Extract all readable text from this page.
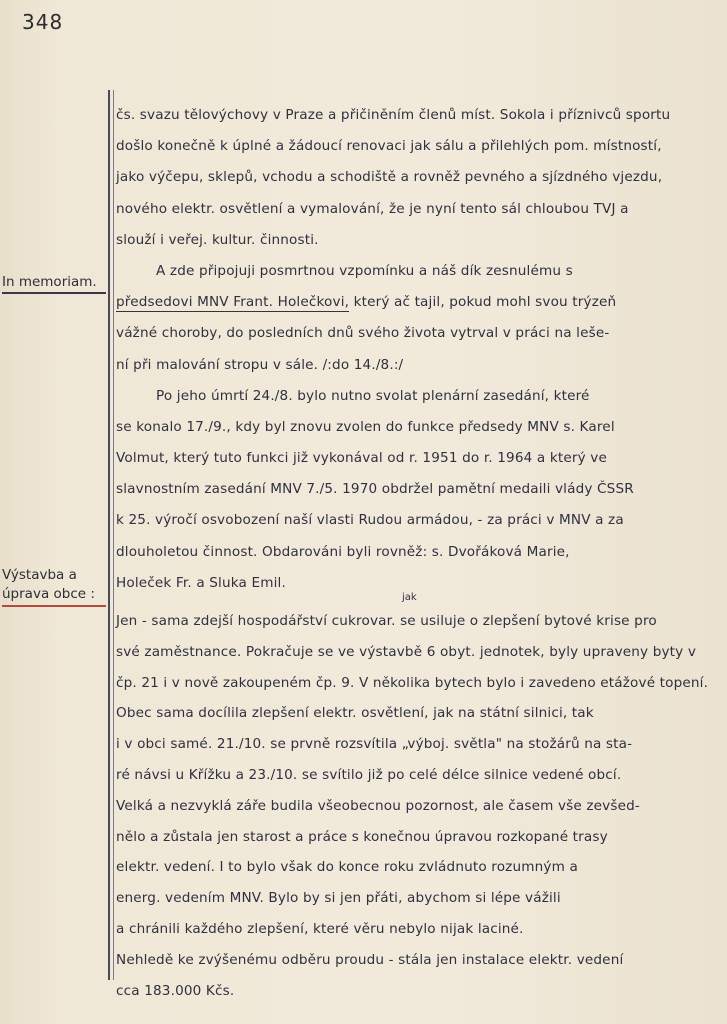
348
In memoriam.
Výstavba a
úprava obce :
čs. svazu tělovýchovy v Praze a přičiněním členů míst. Sokola i příznivců sportu
došlo konečně k úplné a žádoucí renovaci jak sálu a přilehlých pom. místností,
jako výčepu, sklepů, vchodu a schodiště a rovněž pevného a sjízdného vjezdu,
nového elektr. osvětlení a vymalování, že je nyní tento sál chloubou TVJ a
slouží i veřej. kultur. činnosti.
A zde připojuji posmrtnou vzpomínku a náš dík zesnulému s
předsedovi MNV Frant. Holečkovi, který ač tajil, pokud mohl svou trýzeň
vážné choroby, do posledních dnů svého života vytrval v práci na leše-
ní při malování stropu v sále. /:do 14./8.:/
Po jeho úmrtí 24./8. bylo nutno svolat plenární zasedání, které
se konalo 17./9., kdy byl znovu zvolen do funkce předsedy MNV s. Karel
Volmut, který tuto funkci již vykonával od r. 1951 do r. 1964 a který ve
slavnostním zasedání MNV 7./5. 1970 obdržel pamětní medaili vlády ČSSR
k 25. výročí osvobození naší vlasti Rudou armádou, - za práci v MNV a za
dlouholetou činnost. Obdarováni byli rovněž: s. Dvořáková Marie,
Holeček Fr. a Sluka Emil.
jak
Jen - sama zdejší hospodářství cukrovar. se usiluje o zlepšení bytové krise pro
své zaměstnance. Pokračuje se ve výstavbě 6 obyt. jednotek, byly upraveny byty v
čp. 21 i v nově zakoupeném čp. 9. V několika bytech bylo i zavedeno etážové topení.
Obec sama docílila zlepšení elektr. osvětlení, jak na státní silnici, tak
i v obci samé. 21./10. se prvně rozsvítila „výboj. světla" na stožárů na sta-
ré návsi u Křížku a 23./10. se svítilo již po celé délce silnice vedené obcí.
Velká a nezvyklá záře budila všeobecnou pozornost, ale časem vše zevšed-
nělo a zůstala jen starost a práce s konečnou úpravou rozkopané trasy
elektr. vedení. I to bylo však do konce roku zvládnuto rozumným a
energ. vedením MNV. Bylo by si jen přáti, abychom si lépe vážili
a chránili každého zlepšení, které věru nebylo nijak laciné.
Nehledě ke zvýšenému odběru proudu - stála jen instalace elektr. vedení
cca 183.000 Kčs.
